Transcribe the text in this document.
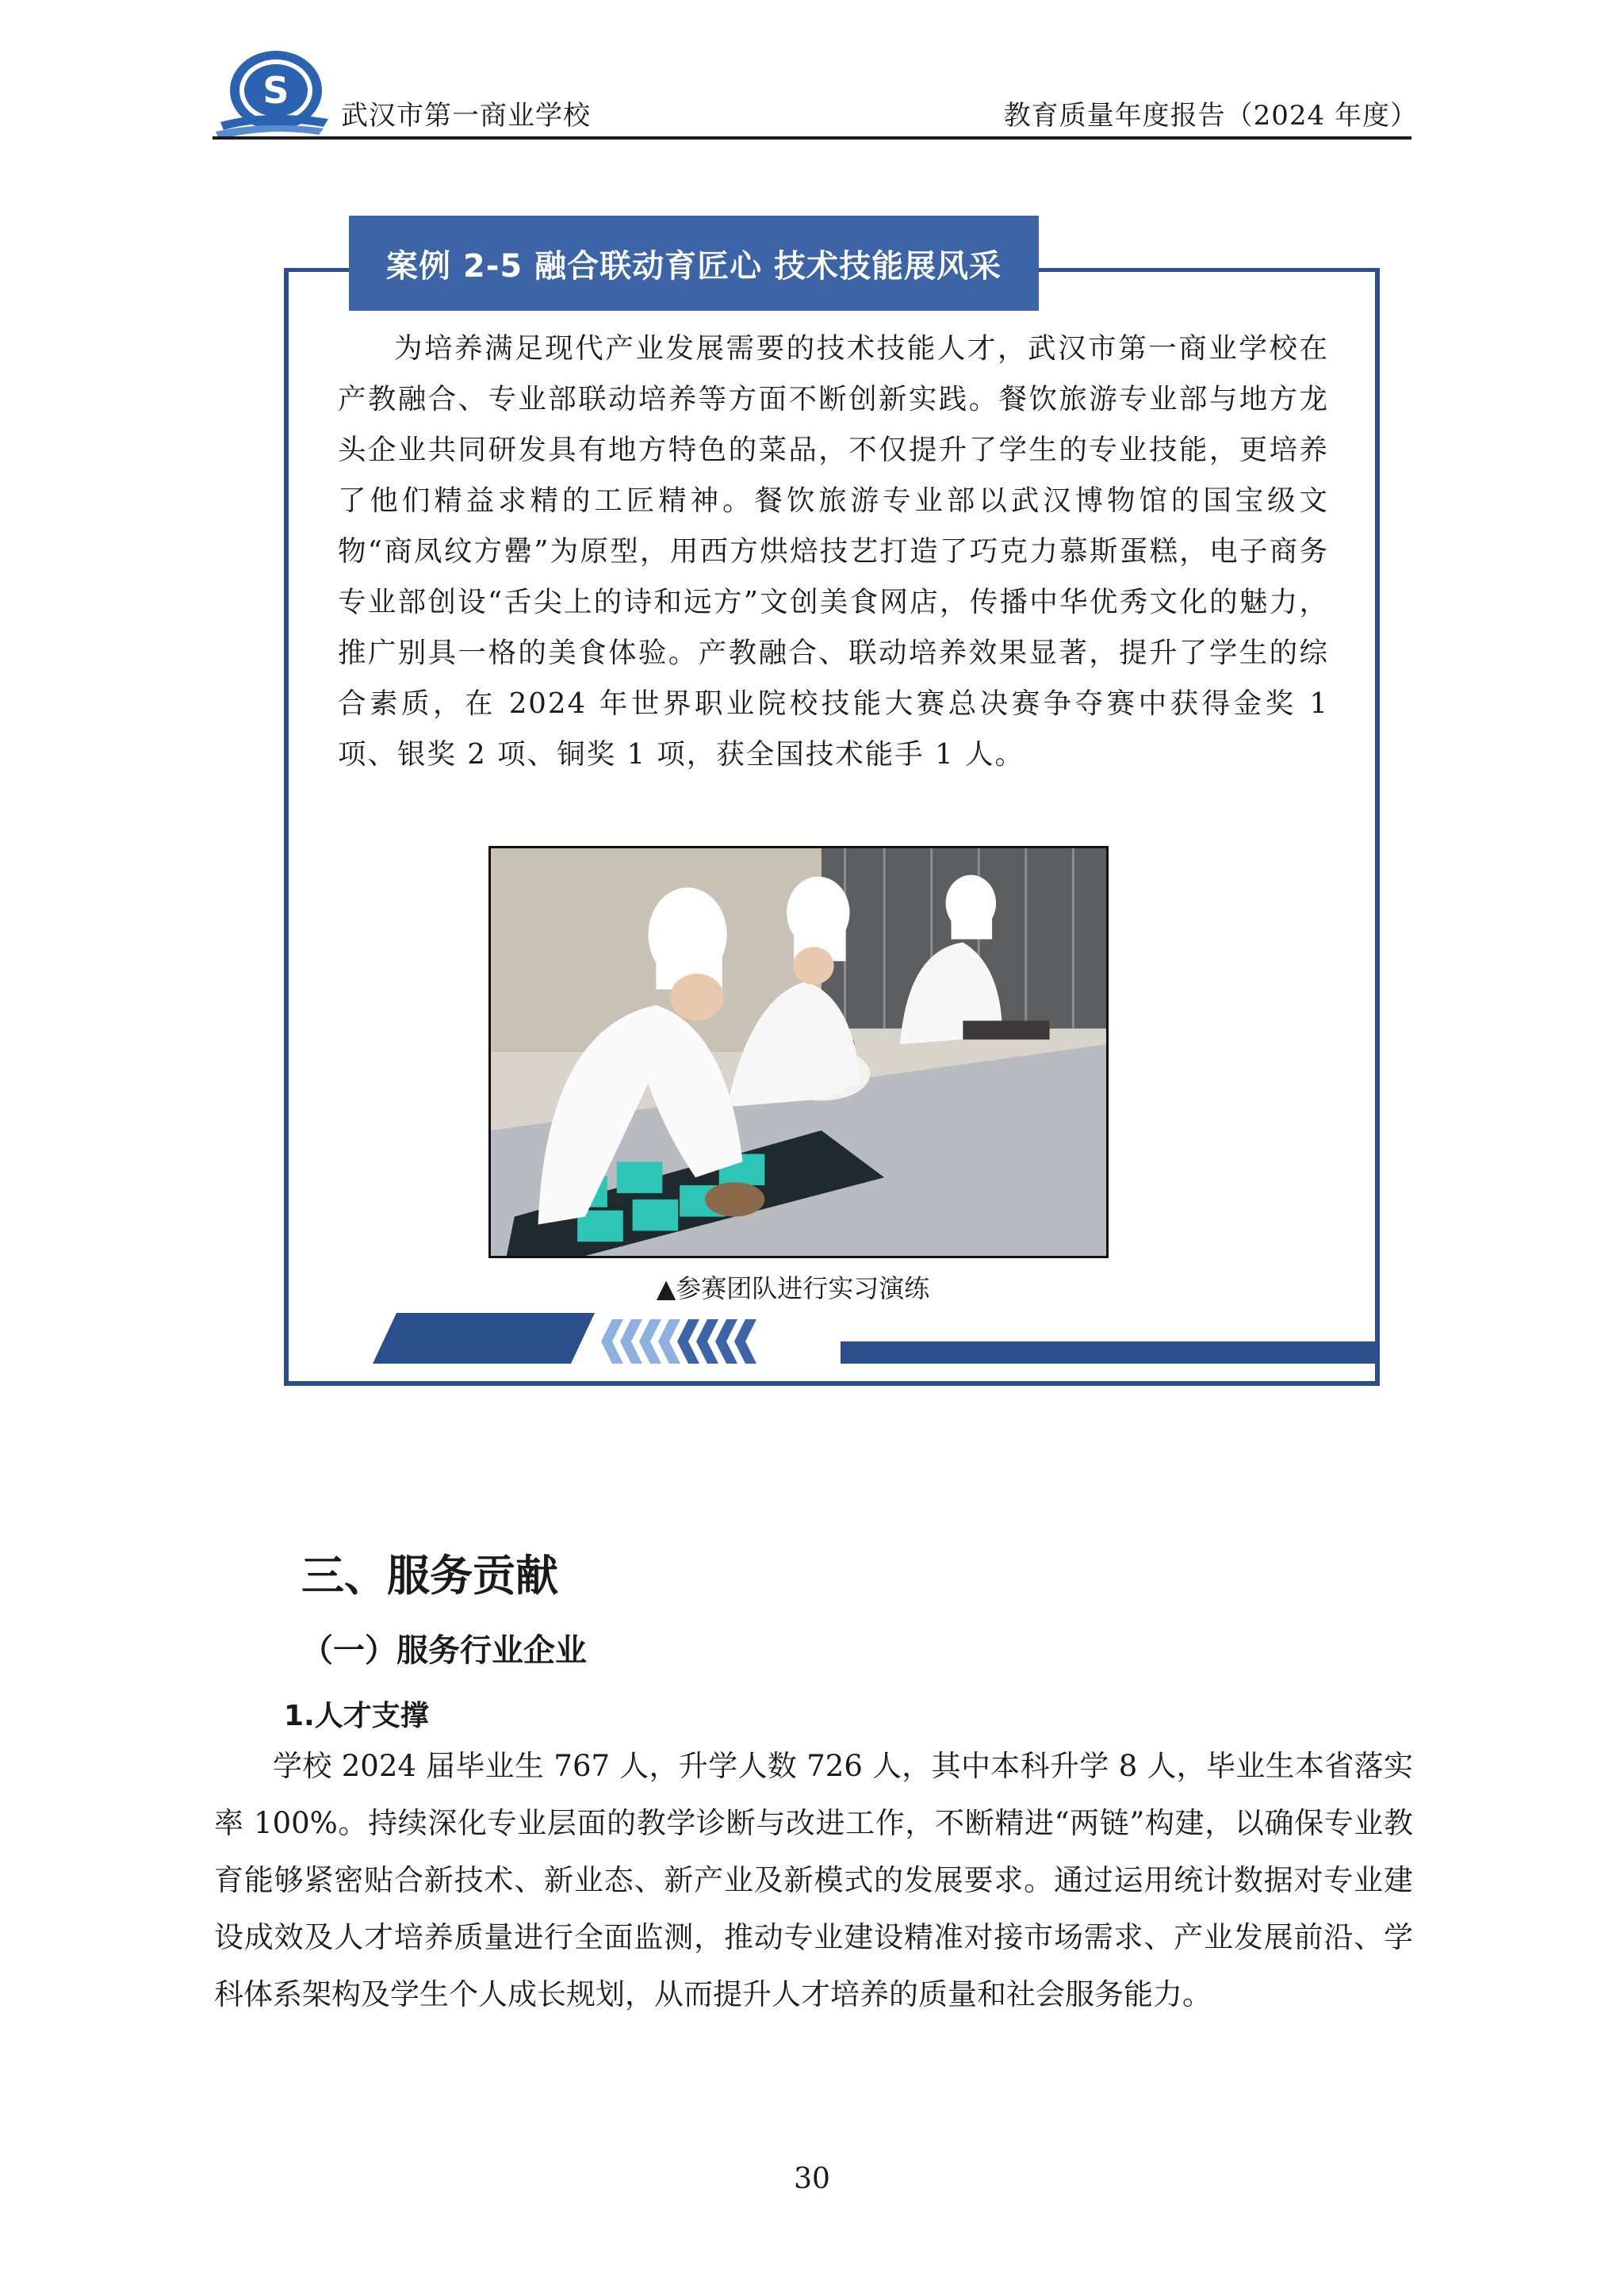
S
武汉市第一商业学校	教育质量年度报告（2024 年度）
案例 2-5 融合联动育匠心 技术技能展风采

为培养满足现代产业发展需要的技术技能人才，武汉市第一商业学校在产教融合、专业部联动培养等方面不断创新实践。餐饮旅游专业部与地方龙头企业共同研发具有地方特色的菜品，不仅提升了学生的专业技能，更培养了他们精益求精的工匠精神。餐饮旅游专业部以武汉博物馆的国宝级文物“商凤纹方罍”为原型，用西方烘焙技艺打造了巧克力慕斯蛋糕，电子商务专业部创设“舌尖上的诗和远方”文创美食网店，传播中华优秀文化的魅力，推广别具一格的美食体验。产教融合、联动培养效果显著，提升了学生的综合素质，在 2024 年世界职业院校技能大赛总决赛争夺赛中获得金奖 1 项、银奖 2 项、铜奖 1 项，获全国技术能手 1 人。

▲参赛团队进行实习演练
三、服务贡献
（一）服务行业企业
1.人才支撑

学校 2024 届毕业生 767 人，升学人数 726 人，其中本科升学 8 人，毕业生本省落实率 100%。持续深化专业层面的教学诊断与改进工作，不断精进“两链”构建，以确保专业教育能够紧密贴合新技术、新业态、新产业及新模式的发展要求。通过运用统计数据对专业建设成效及人才培养质量进行全面监测，推动专业建设精准对接市场需求、产业发展前沿、学科体系架构及学生个人成长规划，从而提升人才培养的质量和社会服务能力。

30
